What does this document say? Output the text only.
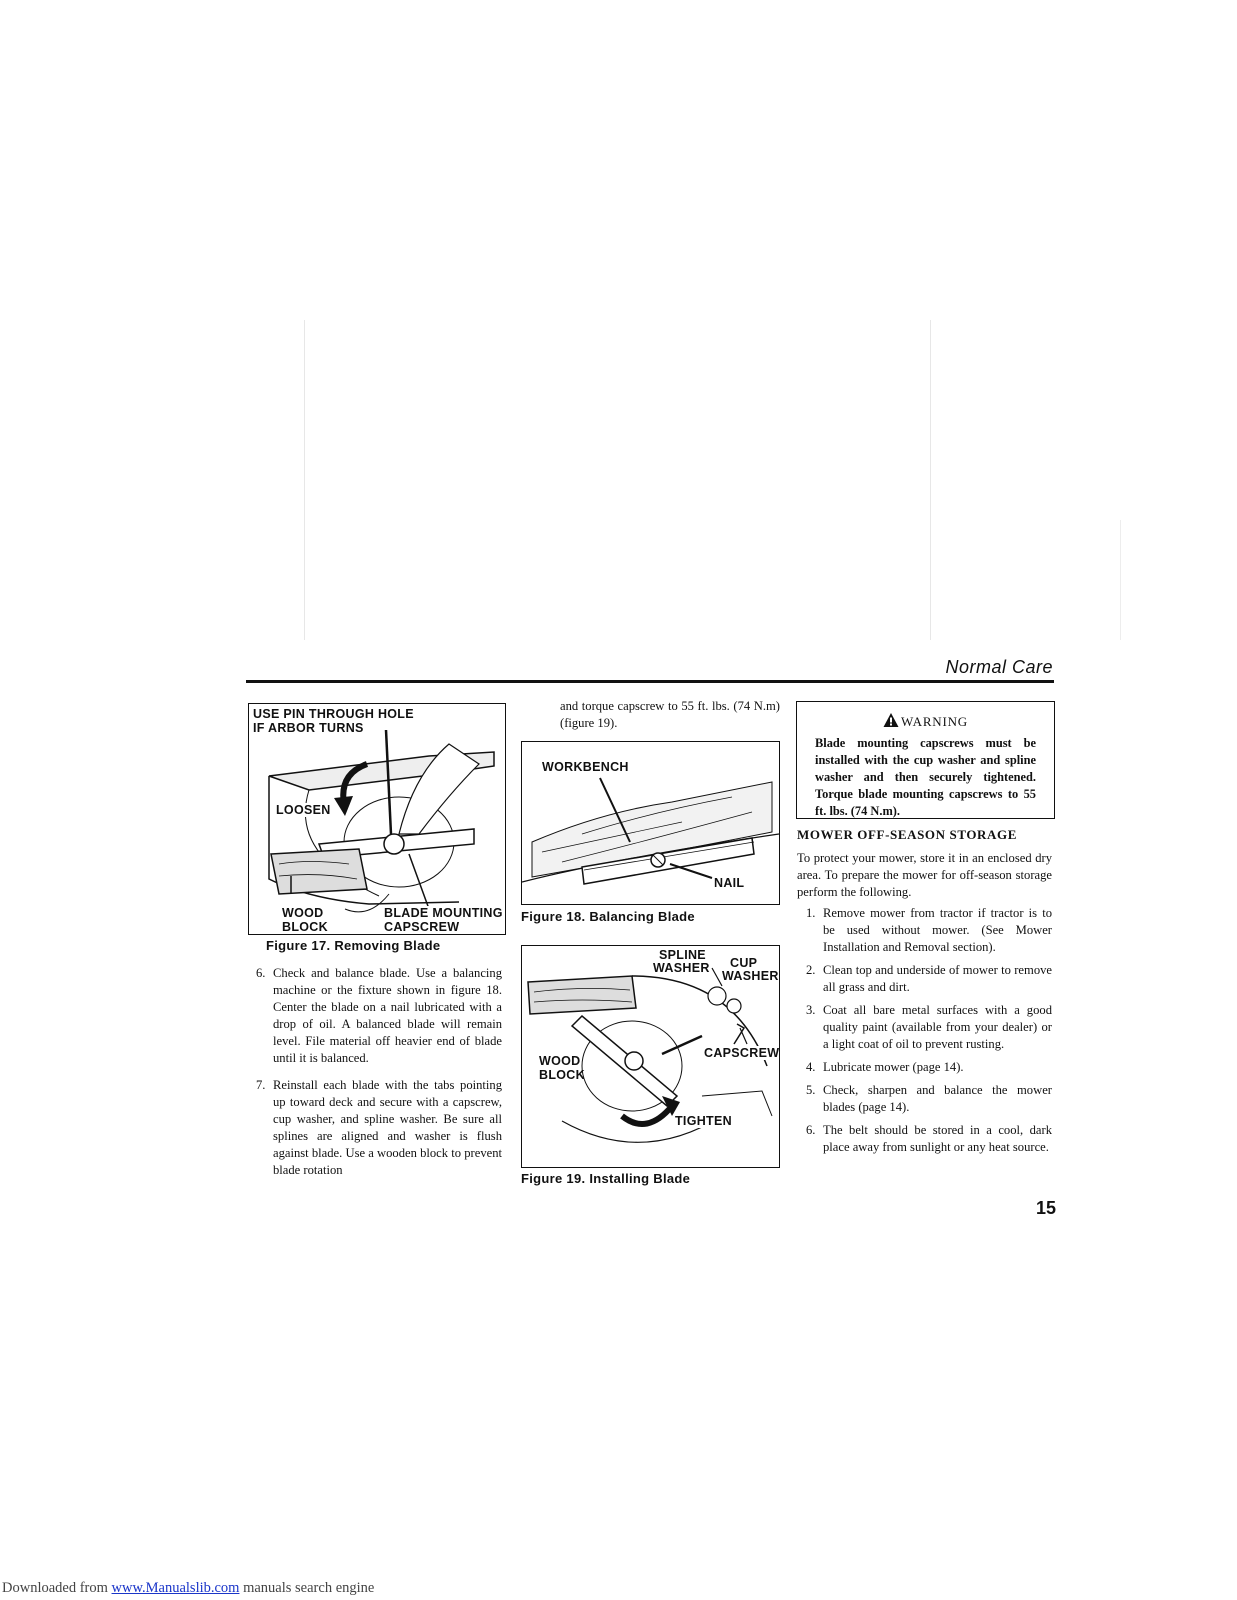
Normal Care
USE PIN THROUGH HOLE
IF ARBOR TURNS
LOOSEN
WOOD
BLOCK
BLADE MOUNTING
CAPSCREW
Figure 17. Removing Blade
6. Check and balance blade. Use a balancing machine or the fixture shown in figure 18. Center the blade on a nail lubricated with a drop of oil. A balanced blade will remain level. File material off heavier end of blade until it is balanced.
7. Reinstall each blade with the tabs pointing up toward deck and secure with a capscrew, cup washer, and spline washer. Be sure all splines are aligned and washer is flush against blade. Use a wooden block to prevent blade rotation
and torque capscrew to 55 ft. lbs. (74 N.m) (figure 19).
WORKBENCH
NAIL
Figure 18. Balancing Blade
SPLINE
WASHER CUP
WASHER
CAPSCREW
WOOD
BLOCK
TIGHTEN
Figure 19. Installing Blade
WARNING
Blade mounting capscrews must be installed with the cup washer and spline washer and then securely tightened. Torque blade mounting capscrews to 55 ft. lbs. (74 N.m).
MOWER OFF-SEASON STORAGE
To protect your mower, store it in an enclosed dry area. To prepare the mower for off-season storage perform the following.
1. Remove mower from tractor if tractor is to be used without mower. (See Mower Installation and Removal section).
2. Clean top and underside of mower to remove all grass and dirt.
3. Coat all bare metal surfaces with a good quality paint (available from your dealer) or a light coat of oil to prevent rusting.
4. Lubricate mower (page 14).
5. Check, sharpen and balance the mower blades (page 14).
6. The belt should be stored in a cool, dark place away from sunlight or any heat source.
15
Downloaded from www.Manualslib.com manuals search engine
